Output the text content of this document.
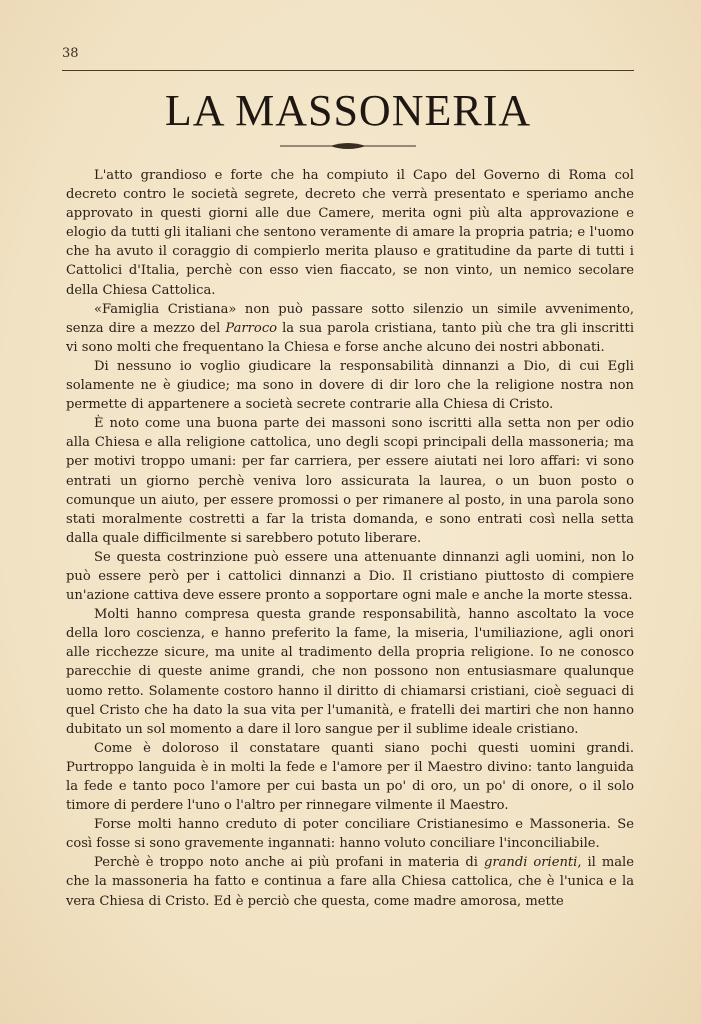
38
LA MASSONERIA

L'atto grandioso e forte che ha compiuto il Capo del Governo di Roma col decreto contro le società segrete, decreto che verrà presentato e speriamo anche approvato in questi giorni alle due Camere, merita ogni più alta approvazione e elogio da tutti gli italiani che sentono veramente di amare la propria patria; e l'uomo che ha avuto il coraggio di compierlo merita plauso e gratitudine da parte di tutti i Cattolici d'Italia, perchè con esso vien fiaccato, se non vinto, un nemico secolare della Chiesa Cattolica.

«Famiglia Cristiana» non può passare sotto silenzio un simile avvenimento, senza dire a mezzo del Parroco la sua parola cristiana, tanto più che tra gli inscritti vi sono molti che frequentano la Chiesa e forse anche alcuno dei nostri abbonati.

Di nessuno io voglio giudicare la responsabilità dinnanzi a Dio, di cui Egli solamente ne è giudice; ma sono in dovere di dir loro che la religione nostra non permette di appartenere a società secrete contrarie alla Chiesa di Cristo.

È noto come una buona parte dei massoni sono iscritti alla setta non per odio alla Chiesa e alla religione cattolica, uno degli scopi principali della massoneria; ma per motivi troppo umani: per far carriera, per essere aiutati nei loro affari: vi sono entrati un giorno perchè veniva loro assicurata la laurea, o un buon posto o comunque un aiuto, per essere promossi o per rimanere al posto, in una parola sono stati moralmente costretti a far la trista domanda, e sono entrati così nella setta dalla quale difficilmente si sarebbero potuto liberare.

Se questa costrinzione può essere una attenuante dinnanzi agli uomini, non lo può essere però per i cattolici dinnanzi a Dio. Il cristiano piuttosto di compiere un'azione cattiva deve essere pronto a sopportare ogni male e anche la morte stessa.

Molti hanno compresa questa grande responsabilità, hanno ascoltato la voce della loro coscienza, e hanno preferito la fame, la miseria, l'umiliazione, agli onori alle ricchezze sicure, ma unite al tradimento della propria religione. Io ne conosco parecchie di queste anime grandi, che non possono non entusiasmare qualunque uomo retto. Solamente costoro hanno il diritto di chiamarsi cristiani, cioè seguaci di quel Cristo che ha dato la sua vita per l'umanità, e fratelli dei martiri che non hanno dubitato un sol momento a dare il loro sangue per il sublime ideale cristiano.

Come è doloroso il constatare quanti siano pochi questi uomini grandi. Purtroppo languida è in molti la fede e l'amore per il Maestro divino: tanto languida la fede e tanto poco l'amore per cui basta un po' di oro, un po' di onore, o il solo timore di perdere l'uno o l'altro per rinnegare vilmente il Maestro.

Forse molti hanno creduto di poter conciliare Cristianesimo e Massoneria. Se così fosse si sono gravemente ingannati: hanno voluto conciliare l'inconciliabile.

Perchè è troppo noto anche ai più profani in materia di grandi orienti, il male che la massoneria ha fatto e continua a fare alla Chiesa cattolica, che è l'unica e la vera Chiesa di Cristo. Ed è perciò che questa, come madre amorosa, mette
